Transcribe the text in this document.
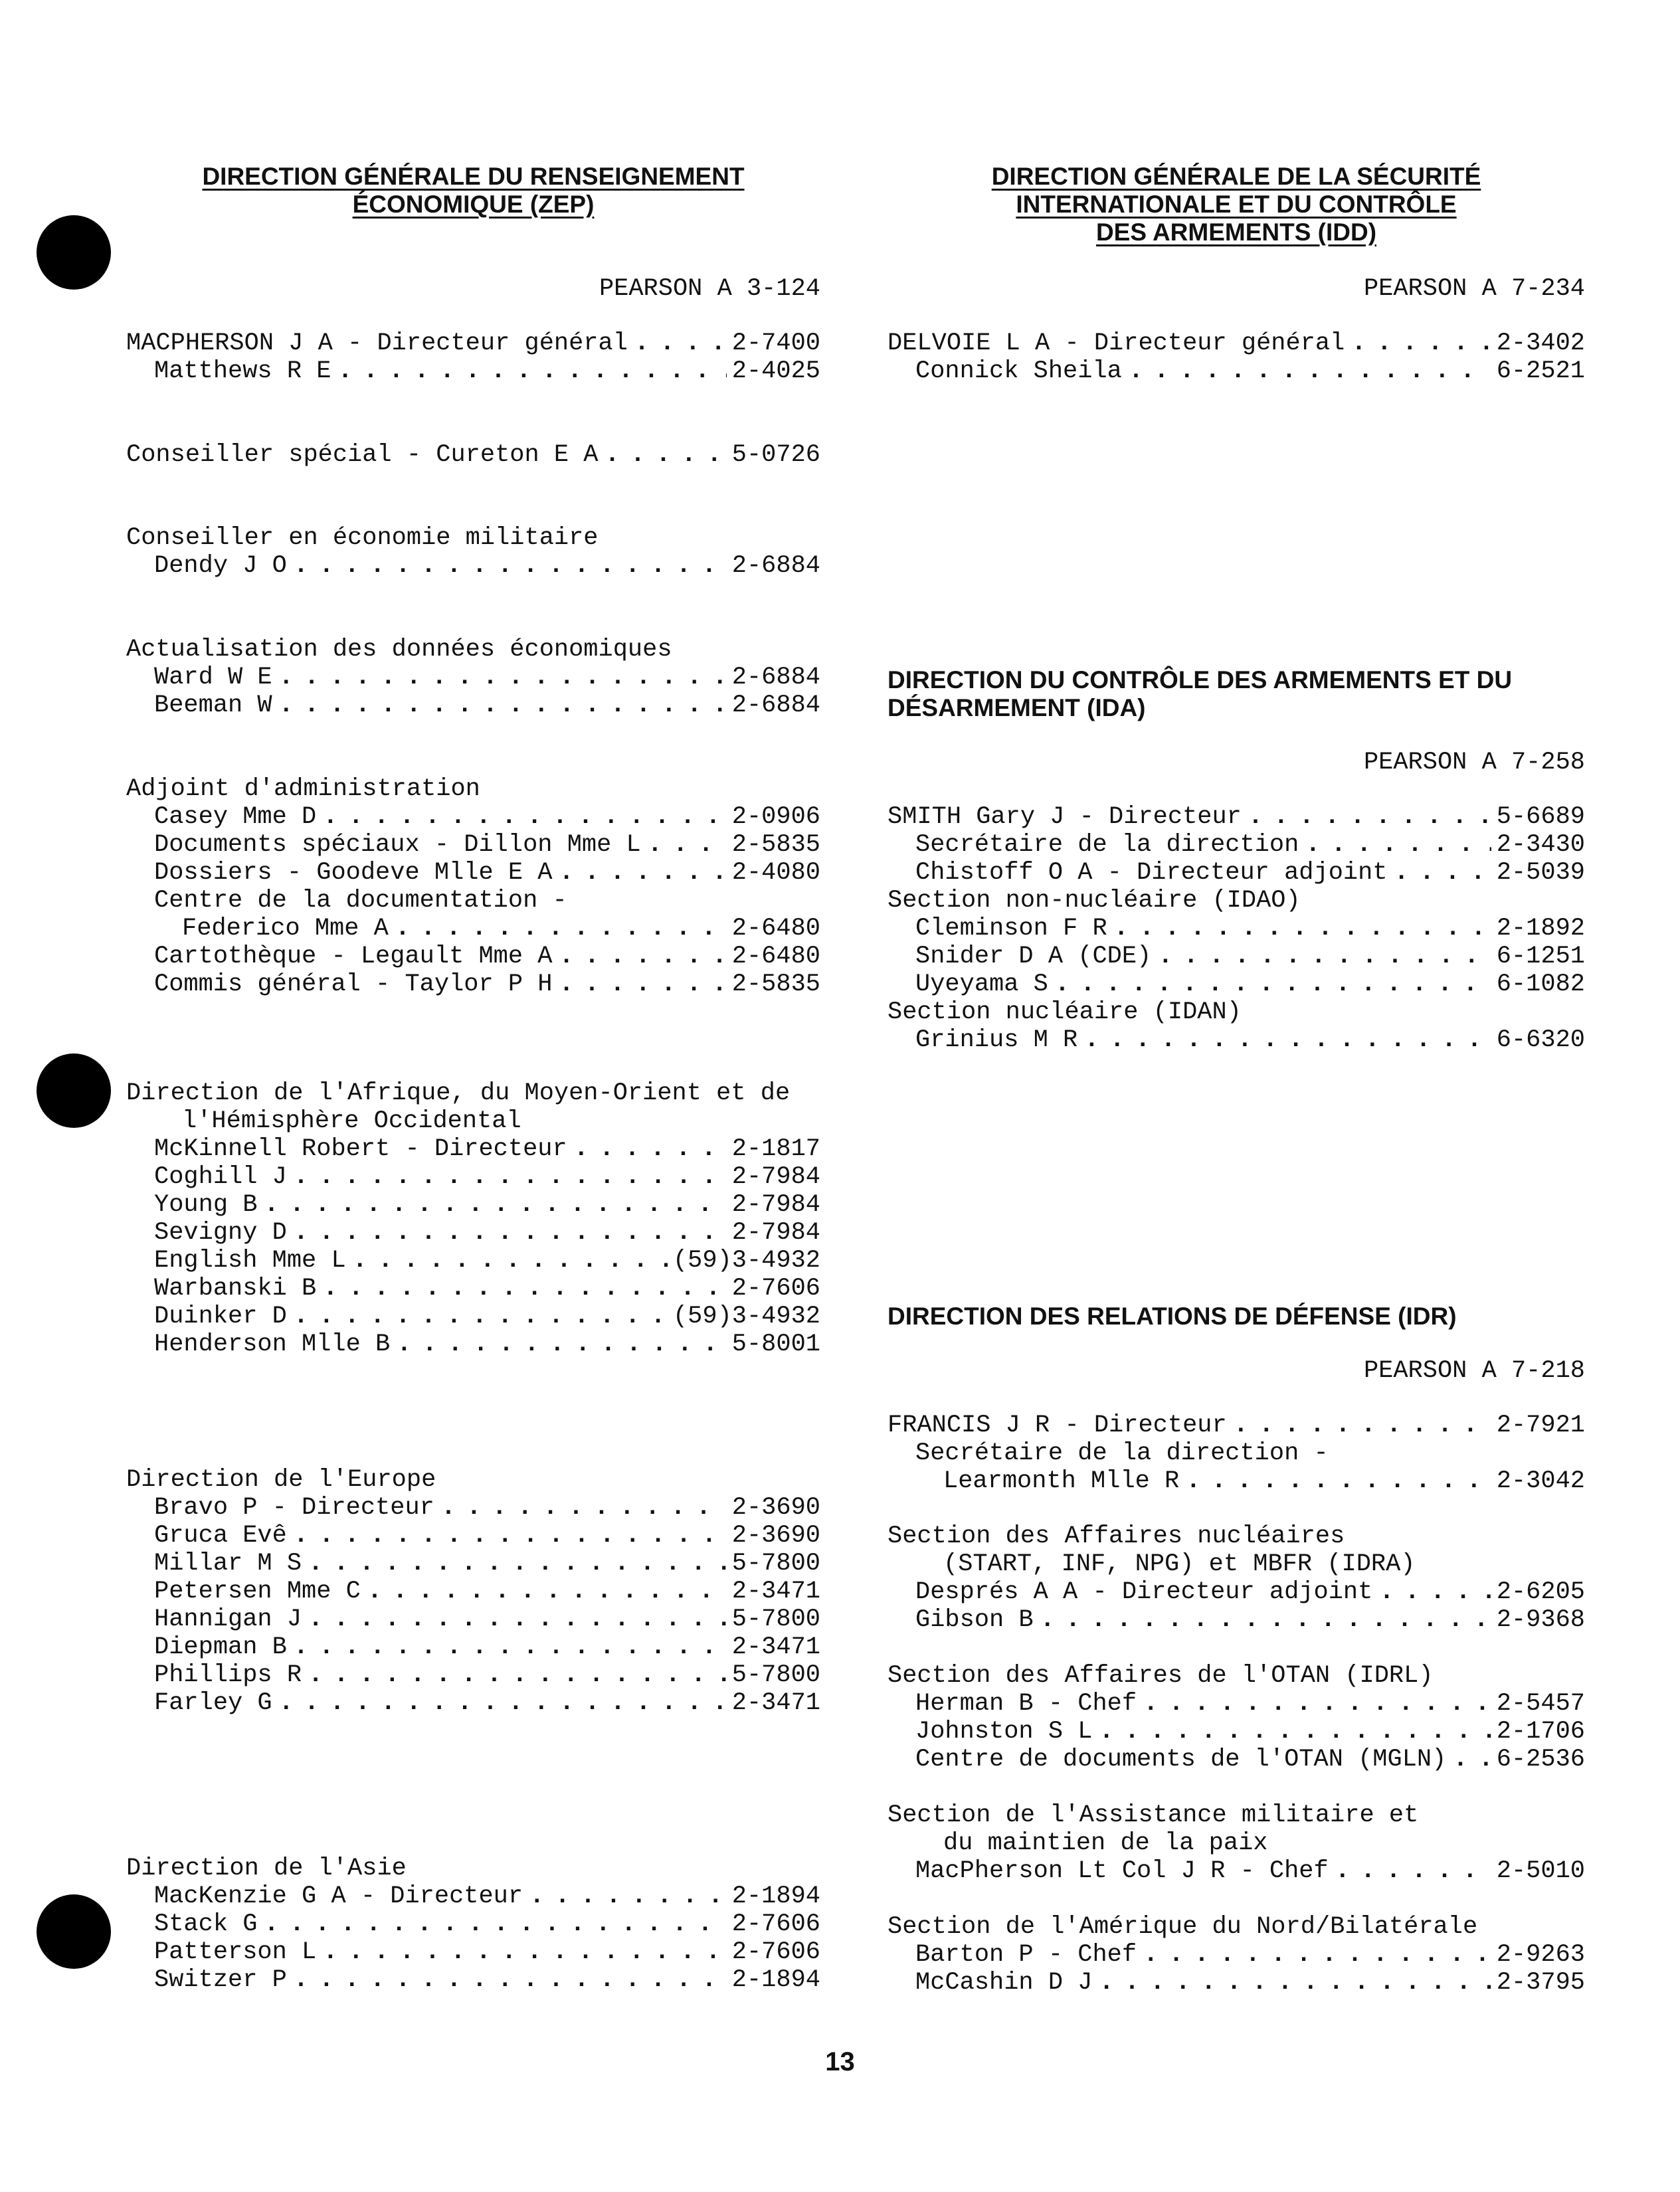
DIRECTION GÉNÉRALE DU RENSEIGNEMENT
ÉCONOMIQUE (ZEP)
PEARSON A 3-124
MACPHERSON J A - Directeur général . . .	2-7400
Matthews R E . . .	2-4025
Conseiller spécial - Cureton E A . . .	5-0726
Conseiller en économie militaire
Dendy J O . . .	2-6884
Actualisation des données économiques
Ward W E . . .	2-6884
Beeman W . . .	2-6884
Adjoint d'administration
Casey Mme D . . .	2-0906
Documents spéciaux - Dillon Mme L . . .	2-5835
Dossiers - Goodeve Mlle E A . . .	2-4080
Centre de la documentation -
Federico Mme A . . .	2-6480
Cartothèque - Legault Mme A . . .	2-6480
Commis général - Taylor P H . . .	2-5835
Direction de l'Afrique, du Moyen-Orient et de
l'Hémisphère Occidental
McKinnell Robert - Directeur . . .	2-1817
Coghill J . . .	2-7984
Young B . . .	2-7984
Sevigny D . . .	2-7984
English Mme L . . .	(59)3-4932
Warbanski B . . .	2-7606
Duinker D . . .	(59)3-4932
Henderson Mlle B . . .	5-8001
Direction de l'Europe
Bravo P - Directeur . . .	2-3690
Gruca Evê . . .	2-3690
Millar M S . . .	5-7800
Petersen Mme C . . .	2-3471
Hannigan J . . .	5-7800
Diepman B . . .	2-3471
Phillips R . . .	5-7800
Farley G . . .	2-3471
Direction de l'Asie
MacKenzie G A - Directeur . . .	2-1894
Stack G . . .	2-7606
Patterson L . . .	2-7606
Switzer P . . .	2-1894
DIRECTION GÉNÉRALE DE LA SÉCURITÉ
INTERNATIONALE ET DU CONTRÔLE
DES ARMEMENTS (IDD)
PEARSON A 7-234
DELVOIE L A - Directeur général . . .	2-3402
Connick Sheila . . .	6-2521
DIRECTION DU CONTRÔLE DES ARMEMENTS ET DU
DÉSARMEMENT (IDA)
PEARSON A 7-258
SMITH Gary J - Directeur . . .	5-6689
Secrétaire de la direction . . .	2-3430
Chistoff O A - Directeur adjoint . . .	2-5039
Section non-nucléaire (IDAO)
Cleminson F R . . .	2-1892
Snider D A (CDE) . . .	6-1251
Uyeyama S . . .	6-1082
Section nucléaire (IDAN)
Grinius M R . . .	6-6320
DIRECTION DES RELATIONS DE DÉFENSE (IDR)
PEARSON A 7-218
FRANCIS J R - Directeur . . .	2-7921
Secrétaire de la direction -
Learmonth Mlle R . . .	2-3042
Section des Affaires nucléaires
(START, INF, NPG) et MBFR (IDRA)
Després A A - Directeur adjoint . . .	2-6205
Gibson B . . .	2-9368
Section des Affaires de l'OTAN (IDRL)
Herman B - Chef . . .	2-5457
Johnston S L . . .	2-1706
Centre de documents de l'OTAN (MGLN) . . . 6-2536
Section de l'Assistance militaire et
du maintien de la paix
MacPherson Lt Col J R - Chef . . .	2-5010
Section de l'Amérique du Nord/Bilatérale
Barton P - Chef . . .	2-9263
McCashin D J . . .	2-3795
13
